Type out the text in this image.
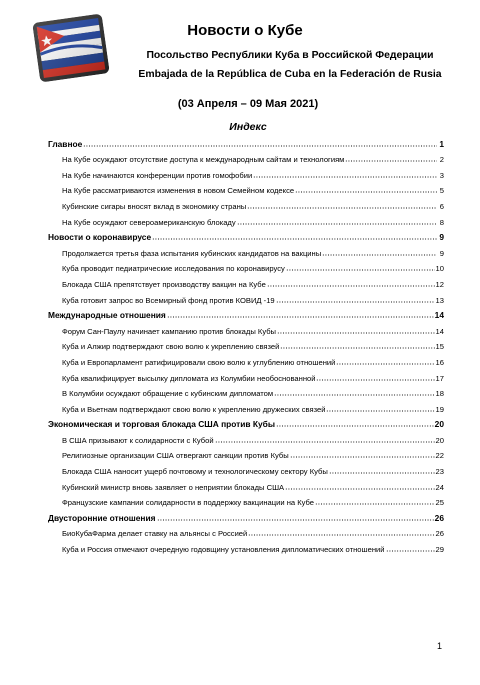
Новости о Кубе
Посольство Республики Куба в Российской Федерации
Embajada de la República de Cuba en la Federación de Rusia
(03 Апреля – 09 Мая 2021)
Индекс
Главное	1
На Кубе осуждают отсутствие доступа к международным сайтам и технологиям	2
На Кубе начинаются конференции против гомофобии	3
На Кубе рассматриваются изменения в новом Семейном кодексе	5
Кубинские сигары вносят вклад в экономику страны	6
На Кубе осуждают североамериканскую блокаду	8
Новости о коронавирусе	9
Продолжается третья фаза испытания кубинских кандидатов на вакцины	9
Куба проводит педиатрические исследования по коронавирусу	10
Блокада США препятствует производству вакцин на Кубе	12
Куба готовит запрос во Всемирный фонд против КОВИД -19	13
Международные отношения	14
Форум Сан-Паулу начинает кампанию против блокады Кубы	14
Куба и Алжир подтверждают свою волю к укреплению связей	15
Куба и Европарламент ратифицировали свою волю к углублению отношений	16
Куба квалифицирует высылку дипломата из Колумбии необоснованной	17
В Колумбии осуждают обращение с кубинским дипломатом	18
Куба и Вьетнам подтверждают свою волю к укреплению дружеских связей	19
Экономическая и торговая блокада США против Кубы	20
В США призывают к солидарности с Кубой	20
Религиозные организации США отвергают санкции против Кубы	22
Блокада США наносит ущерб почтовому и технологическому сектору Кубы	23
Кубинский министр вновь заявляет о неприятии блокады США	24
Французские кампании солидарности в поддержку вакцинации на Кубе	25
Двусторонние отношения	26
БиоКубаФарма делает ставку на альянсы с Россией	26
Куба и Россия отмечают очередную годовщину установления дипломатических отношений	29
1
